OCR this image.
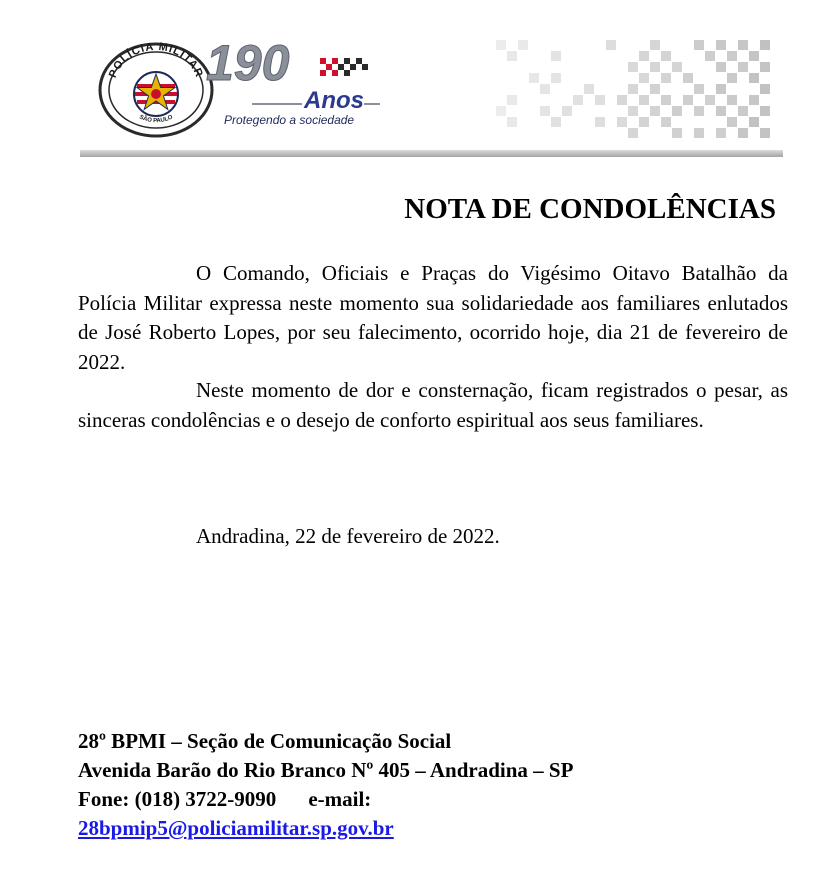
POLÍCIA MILITAR
SÃO PAULO
190
Anos
Protegendo a sociedade
NOTA DE CONDOLÊNCIAS

O Comando, Oficiais e Praças do Vigésimo Oitavo Batalhão da Polícia Militar expressa neste momento sua solidariedade aos familiares enlutados de José Roberto Lopes, por seu falecimento, ocorrido hoje, dia 21 de fevereiro de 2022.

Neste momento de dor e consternação, ficam registrados o pesar, as sinceras condolências e o desejo de conforto espiritual aos seus familiares.

Andradina, 22 de fevereiro de 2022.

28º BPMI – Seção de Comunicação Social
Avenida Barão do Rio Branco Nº 405 – Andradina – SP
Fone: (018) 3722-9090 e-mail:
28bpmip5@policiamilitar.sp.gov.br
